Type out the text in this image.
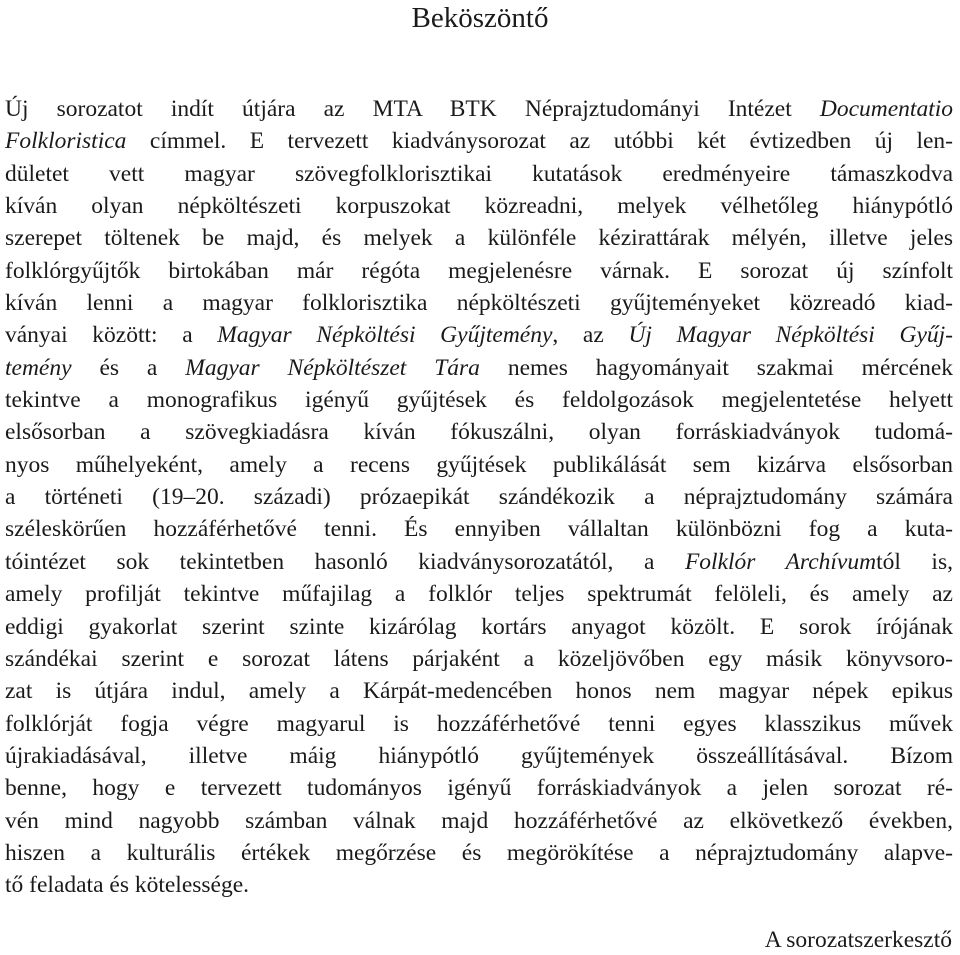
Beköszöntő
Új sorozatot indít útjára az MTA BTK Néprajztudományi Intézet Documentatio
Folkloristica címmel. E tervezett kiadványsorozat az utóbbi két évtizedben új len-
dületet vett magyar szövegfolklorisztikai kutatások eredményeire támaszkodva
kíván olyan népköltészeti korpuszokat közreadni, melyek vélhetőleg hiánypótló
szerepet töltenek be majd, és melyek a különféle kézirattárak mélyén, illetve jeles
folklórgyűjtők birtokában már régóta megjelenésre várnak. E sorozat új színfolt
kíván lenni a magyar folklorisztika népköltészeti gyűjteményeket közreadó kiad-
ványai között: a Magyar Népköltési Gyűjtemény, az Új Magyar Népköltési Gyűj-
temény és a Magyar Népköltészet Tára nemes hagyományait szakmai mércének
tekintve a monografikus igényű gyűjtések és feldolgozások megjelentetése helyett
elsősorban a szövegkiadásra kíván fókuszálni, olyan forráskiadványok tudomá-
nyos műhelyeként, amely a recens gyűjtések publikálását sem kizárva elsősorban
a történeti (19–20. századi) prózaepikát szándékozik a néprajztudomány számára
széleskörűen hozzáférhetővé tenni. És ennyiben vállaltan különbözni fog a kuta-
tóintézet sok tekintetben hasonló kiadványsorozatától, a Folklór Archívumtól is,
amely profilját tekintve műfajilag a folklór teljes spektrumát felöleli, és amely az
eddigi gyakorlat szerint szinte kizárólag kortárs anyagot közölt. E sorok írójának
szándékai szerint e sorozat látens párjaként a közeljövőben egy másik könyvsoro-
zat is útjára indul, amely a Kárpát-medencében honos nem magyar népek epikus
folklórját fogja végre magyarul is hozzáférhetővé tenni egyes klasszikus művek
újrakiadásával, illetve máig hiánypótló gyűjtemények összeállításával. Bízom
benne, hogy e tervezett tudományos igényű forráskiadványok a jelen sorozat ré-
vén mind nagyobb számban válnak majd hozzáférhetővé az elkövetkező években,
hiszen a kulturális értékek megőrzése és megörökítése a néprajztudomány alapve-
tő feladata és kötelessége.
A sorozatszerkesztő
